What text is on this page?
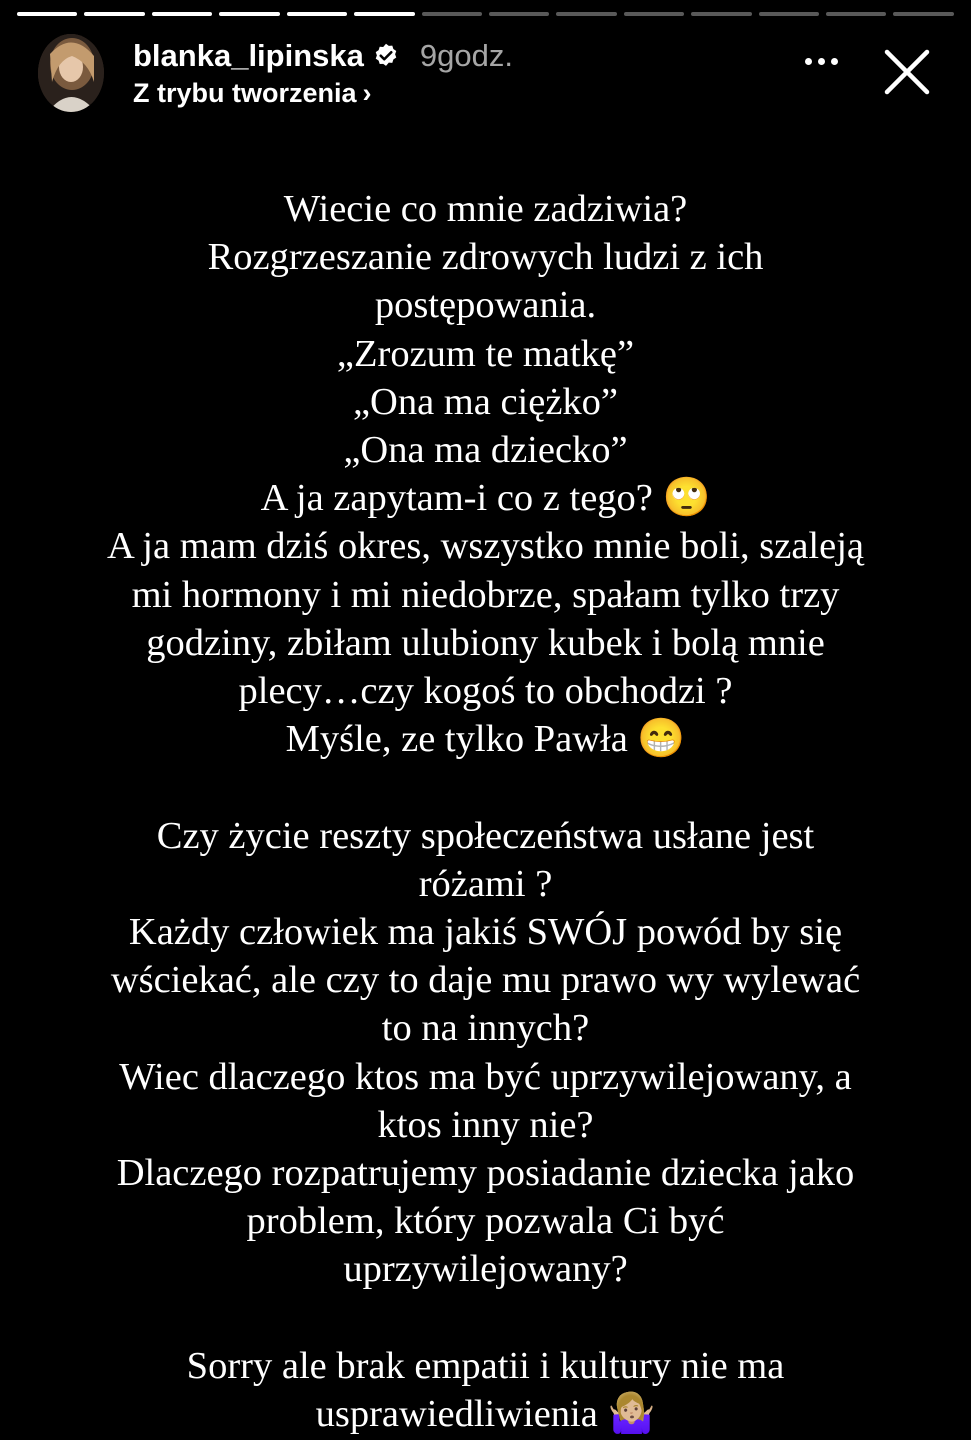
blanka_lipinska 9godz.
Z trybu tworzenia ›
Wiecie co mnie zadziwia?
Rozgrzeszanie zdrowych ludzi z ich
postępowania.
„Zrozum te matkę”
„Ona ma ciężko”
„Ona ma dziecko”
A ja zapytam-i co z tego? 🙄
A ja mam dziś okres, wszystko mnie boli, szaleją
mi hormony i mi niedobrze, spałam tylko trzy
godziny, zbiłam ulubiony kubek i bolą mnie
plecy…czy kogoś to obchodzi ?
Myśle, ze tylko Pawła 😁
Czy życie reszty społeczeństwa usłane jest
różami ?
Każdy człowiek ma jakiś SWÓJ powód by się
wściekać, ale czy to daje mu prawo wy wylewać
to na innych?
Wiec dlaczego ktos ma być uprzywilejowany, a
ktos inny nie?
Dlaczego rozpatrujemy posiadanie dziecka jako
problem, który pozwala Ci być
uprzywilejowany?
Sorry ale brak empatii i kultury nie ma
usprawiedliwienia 🤷🏼‍♀️
